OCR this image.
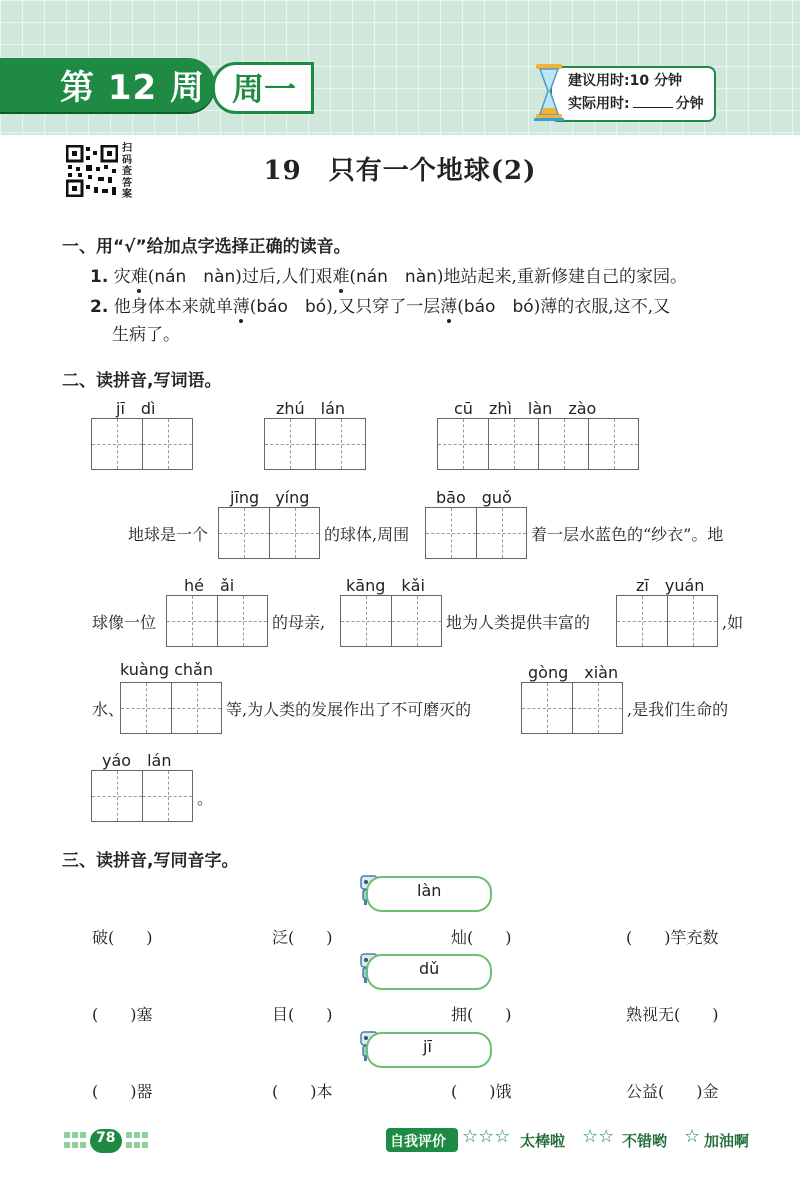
第 12 周 周一	建议用时:10 分钟
实际用时:	分钟
扫码查答案
19　只有一个地球(2)
一、用“√”给加点字选择正确的读音。
1. 灾难(nán　nàn)过后,人们艰难(nán　nàn)地站起来,重新修建自己的家园。
2. 他身体本来就单薄(báo　bó),又只穿了一层薄(báo　bó)薄的衣服,这不,又
生病了。
二、读拼音,写词语。
jī　dì	zhú　lán	cū　zhì　làn　zào
jīng　yíng	bāo　guǒ
地球是一个	的球体,周围	着一层水蓝色的“纱衣”。地
hé　ǎi	kāng　kǎi	zī　yuán
球像一位	的母亲,	地为人类提供丰富的	,如
kuàng chǎn	gòng　xiàn
水、	等,为人类的发展作出了不可磨灭的	,是我们生命的
yáo　lán
。
三、读拼音,写同音字。
làn
破(　　)	泛(　　)	灿(　　)	(　　)竽充数
dǔ
(　　)塞	目(　　)	拥(　　)	熟视无(　　)
jī
(　　)器	(　　)本	(　　)饿	公益(　　)金
78	自我评价 ☆☆☆ 太棒啦 ☆☆ 不错哟 ☆ 加油啊
